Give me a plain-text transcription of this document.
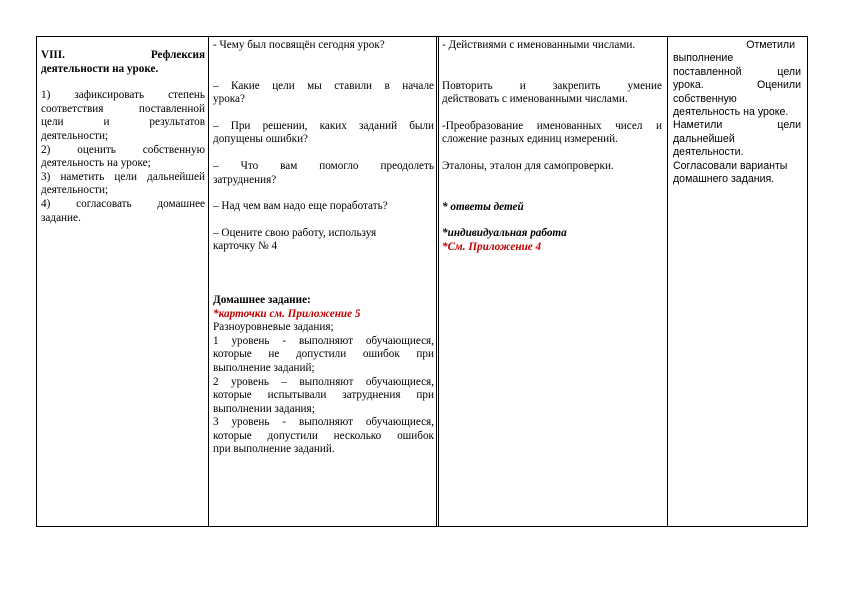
VIII.	Рефлексия

деятельности на уроке.

1) зафиксировать степень

соответствия поставленной

цели и результатов

деятельности;

2) оценить собственную

деятельность на уроке;

3) наметить цели дальнейшей

деятельности;

4) согласовать домашнее

задание.

- Чему был посвящён сегодня урок?

– Какие цели мы ставили в начале

урока?

– При решении, каких заданий были

допущены ошибки?

– Что вам помогло преодолеть

затруднения?

– Над чем вам надо еще поработать?

– Оцените свою работу, используя

карточку № 4

Домашнее задание:

*карточки см. Приложение 5

Разноуровневые задания;

1 уровень - выполняют обучающиеся,

которые не допустили ошибок при

выполнение заданий;

2 уровень – выполняют обучающиеся,

которые испытывали затруднения при

выполнении задания;

3 уровень - выполняют обучающиеся,

которые допустили несколько ошибок

при выполнение заданий.

- Действиями с именованными числами.

Повторить и закрепить умение

действовать с именованными числами.

-Преобразование именованных чисел и

сложение разных единиц измерений.

Эталоны, эталон для самопроверки.

* ответы детей

*индивидуальная работа

*См. Приложение 4

Отметили

выполнение

поставленной цели

урока. Оценили

собственную

деятельность на уроке.

Наметили цели

дальнейшей

деятельности.

Согласовали варианты

домашнего задания.
